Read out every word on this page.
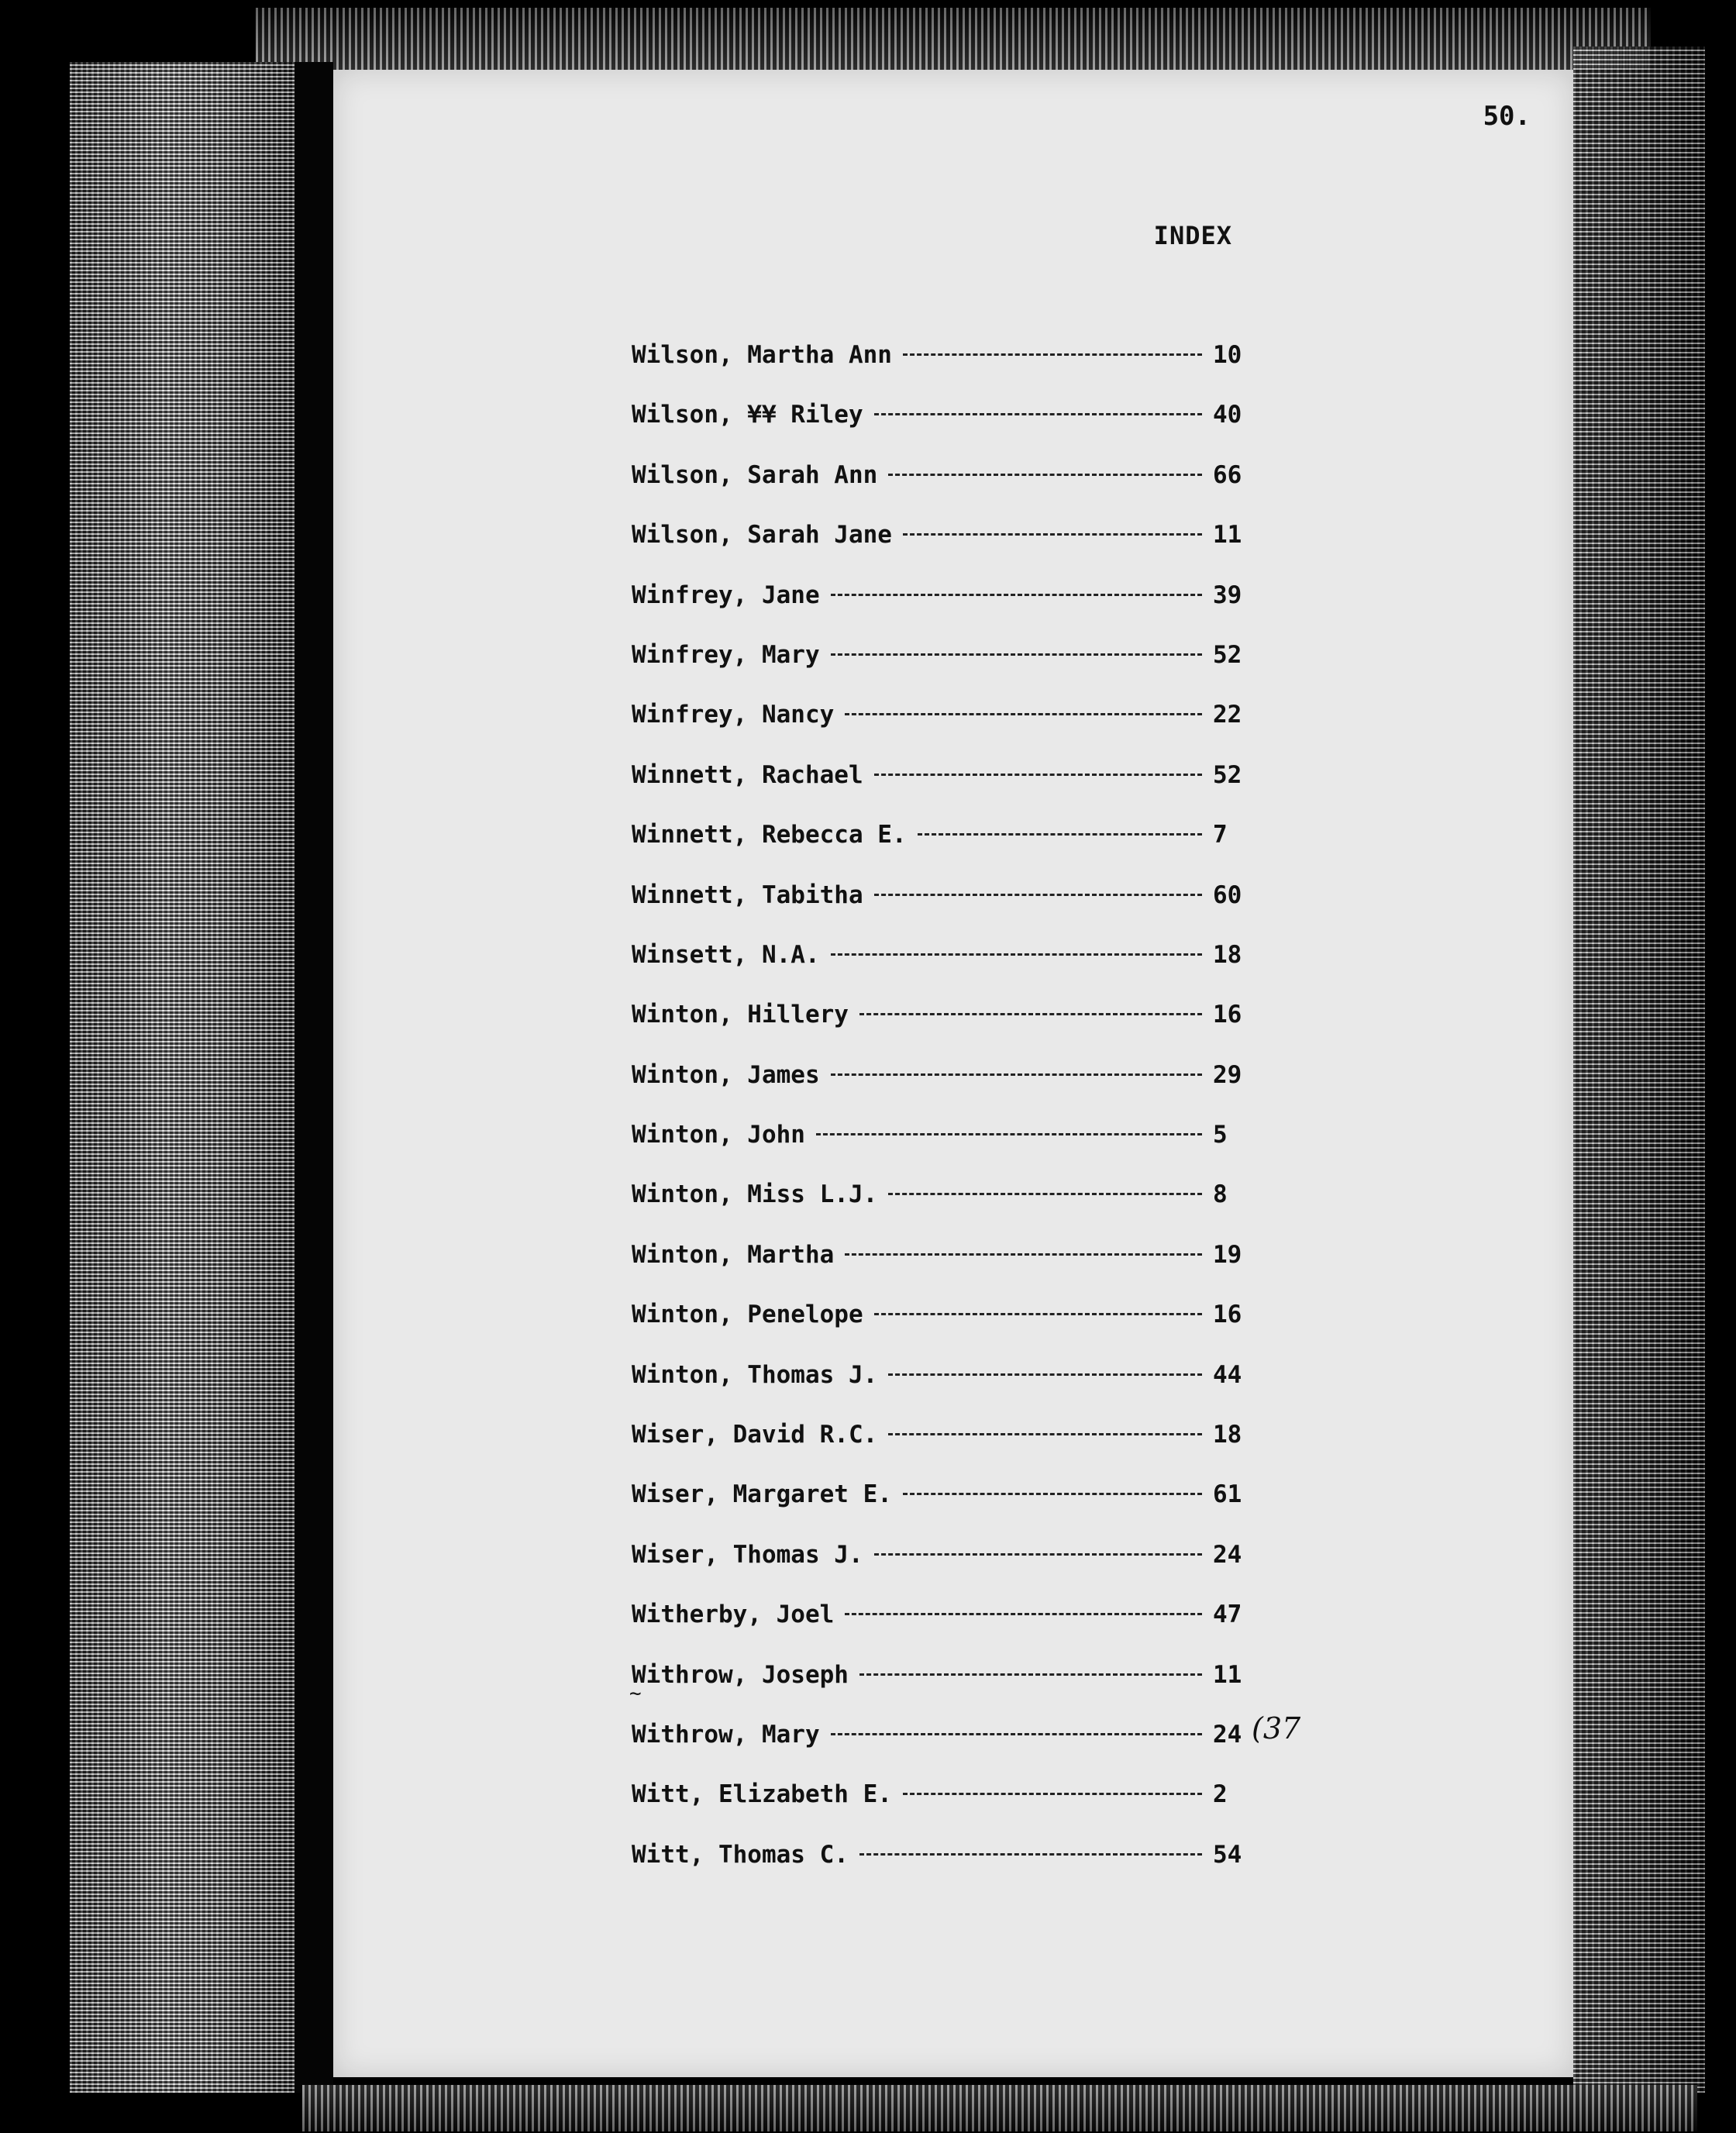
50.
INDEX
Wilson, Martha Ann	10
Wilson, ¥¥ Riley	40
Wilson, Sarah Ann	66
Wilson, Sarah Jane	11
Winfrey, Jane	39
Winfrey, Mary	52
Winfrey, Nancy	22
Winnett, Rachael	52
Winnett, Rebecca E.	7
Winnett, Tabitha	60
Winsett, N.A.	18
Winton, Hillery	16
Winton, James	29
Winton, John	5
Winton, Miss L.J.	8
Winton, Martha	19
Winton, Penelope	16
Winton, Thomas J.	44
Wiser, David R.C.	18
Wiser, Margaret E.	61
Wiser, Thomas J.	24
Witherby, Joel	47
Withrow, Joseph	11
Withrow, Mary	24
Witt, Elizabeth E.	2
Witt, Thomas C.	54
~
(37
